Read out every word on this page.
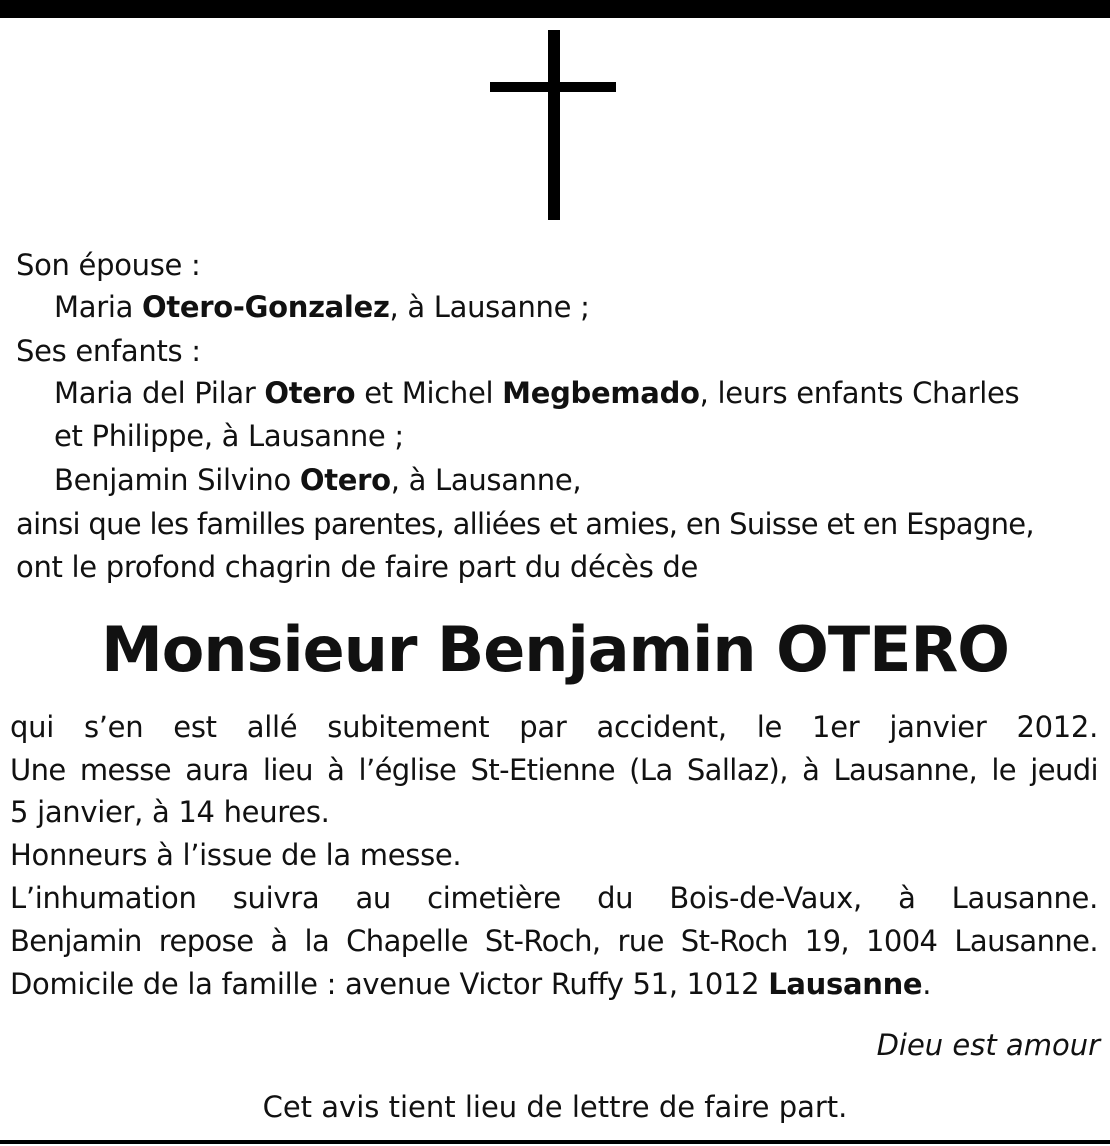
Son épouse :
Maria Otero-Gonzalez, à Lausanne ;
Ses enfants :
Maria del Pilar Otero et Michel Megbemado, leurs enfants Charles
et Philippe, à Lausanne ;
Benjamin Silvino Otero, à Lausanne,
ainsi que les familles parentes, alliées et amies, en Suisse et en Espagne,
ont le profond chagrin de faire part du décès de
Monsieur Benjamin OTERO
qui s’en est allé subitement par accident, le 1er janvier 2012.
Une messe aura lieu à l’église St-Etienne (La Sallaz), à Lausanne, le jeudi
5 janvier, à 14 heures.
Honneurs à l’issue de la messe.
L’inhumation suivra au cimetière du Bois-de-Vaux, à Lausanne.
Benjamin repose à la Chapelle St-Roch, rue St-Roch 19, 1004 Lausanne.
Domicile de la famille : avenue Victor Ruffy 51, 1012 Lausanne.
Dieu est amour
Cet avis tient lieu de lettre de faire part.
